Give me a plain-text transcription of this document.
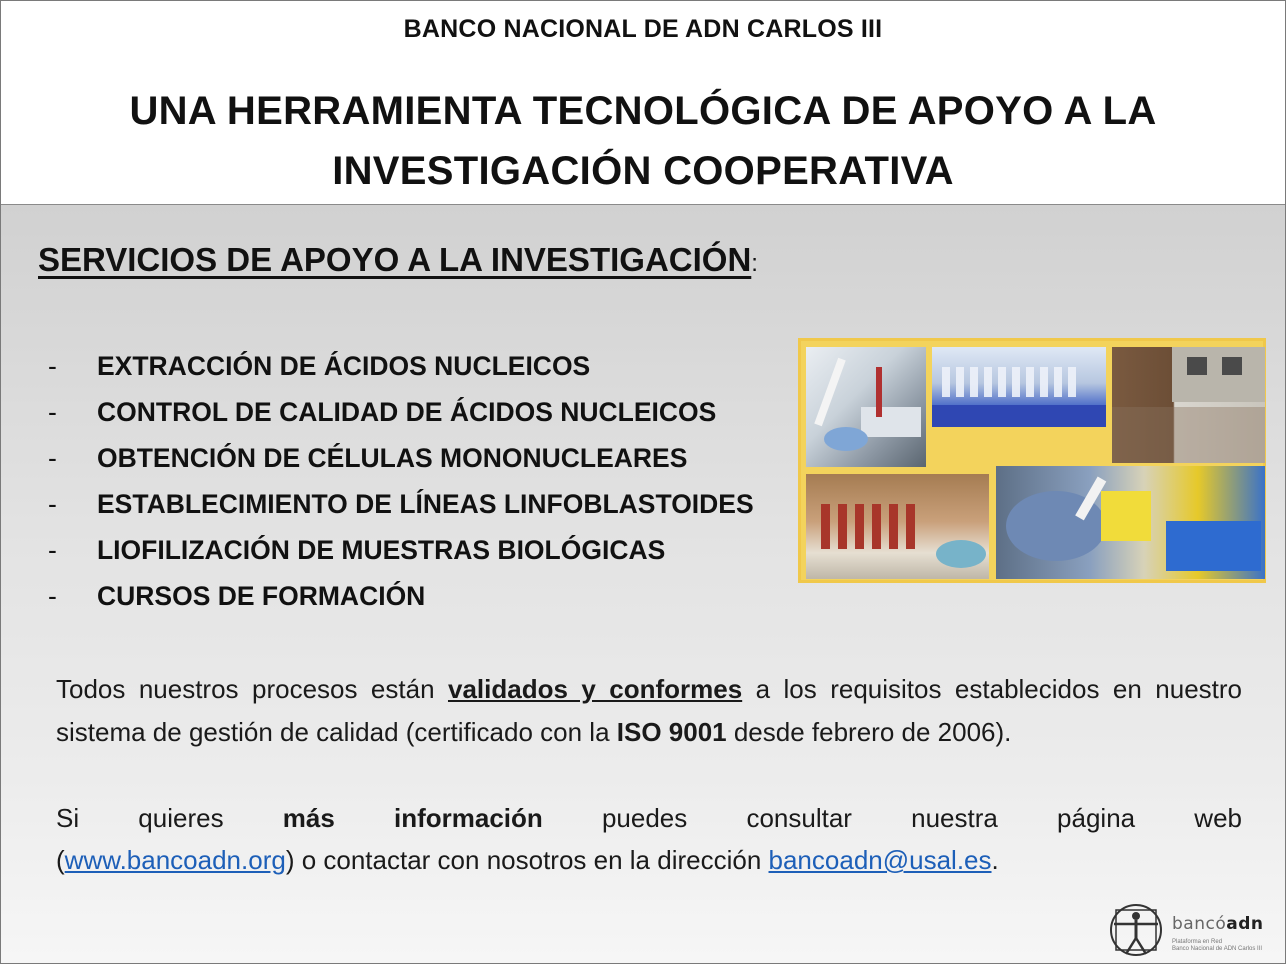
BANCO NACIONAL DE ADN CARLOS III
UNA HERRAMIENTA TECNOLÓGICA DE APOYO A LA
INVESTIGACIÓN COOPERATIVA
SERVICIOS DE APOYO A LA INVESTIGACIÓN:
- EXTRACCIÓN DE ÁCIDOS NUCLEICOS
- CONTROL DE CALIDAD DE ÁCIDOS NUCLEICOS
- OBTENCIÓN DE CÉLULAS MONONUCLEARES
- ESTABLECIMIENTO DE LÍNEAS LINFOBLASTOIDES
- LIOFILIZACIÓN DE MUESTRAS BIOLÓGICAS
- CURSOS DE FORMACIÓN
Todos nuestros procesos están validados y conformes a los requisitos establecidos en nuestro sistema de gestión de calidad (certificado con la ISO 9001 desde febrero de 2006).
Si quieres más información puedes consultar nuestra página web
(www.bancoadn.org) o contactar con nosotros en la dirección bancoadn@usal.es.
bancóadn
Plataforma en Red
Banco Nacional de ADN Carlos III
